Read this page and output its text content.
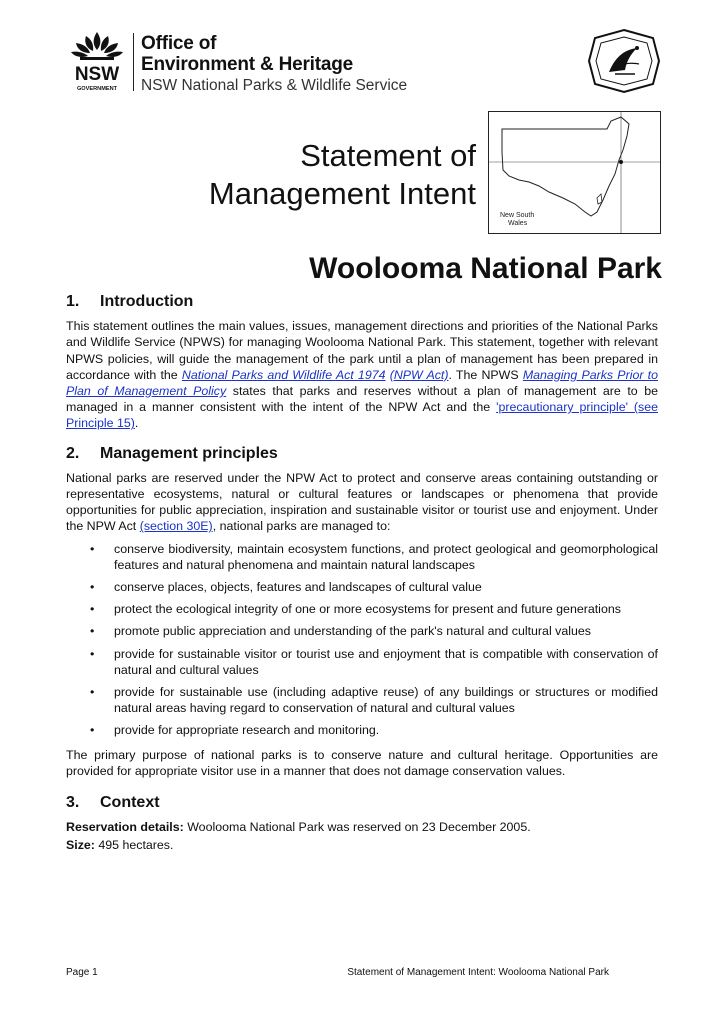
NSW
GOVERNMENT
Office of
Environment & Heritage
NSW National Parks & Wildlife Service
Statement of
Management Intent
New South
Wales
Woolooma National Park
1.	Introduction

This statement outlines the main values, issues, management directions and priorities of the National Parks and Wildlife Service (NPWS) for managing Woolooma National Park. This statement, together with relevant NPWS policies, will guide the management of the park until a plan of management has been prepared in accordance with the National Parks and Wildlife Act 1974 (NPW Act). The NPWS Managing Parks Prior to Plan of Management Policy states that parks and reserves without a plan of management are to be managed in a manner consistent with the intent of the NPW Act and the 'precautionary principle' (see Principle 15).

2.	Management principles

National parks are reserved under the NPW Act to protect and conserve areas containing outstanding or representative ecosystems, natural or cultural features or landscapes or phenomena that provide opportunities for public appreciation, inspiration and sustainable visitor or tourist use and enjoyment. Under the NPW Act (section 30E), national parks are managed to:

• conserve biodiversity, maintain ecosystem functions, and protect geological and geomorphological features and natural phenomena and maintain natural landscapes
• conserve places, objects, features and landscapes of cultural value
• protect the ecological integrity of one or more ecosystems for present and future generations
• promote public appreciation and understanding of the park's natural and cultural values
• provide for sustainable visitor or tourist use and enjoyment that is compatible with conservation of natural and cultural values
• provide for sustainable use (including adaptive reuse) of any buildings or structures or modified natural areas having regard to conservation of natural and cultural values
• provide for appropriate research and monitoring.

The primary purpose of national parks is to conserve nature and cultural heritage. Opportunities are provided for appropriate visitor use in a manner that does not damage conservation values.

3.	Context
Reservation details: Woolooma National Park was reserved on 23 December 2005.
Size: 495 hectares.
Page 1	Statement of Management Intent: Woolooma National Park
